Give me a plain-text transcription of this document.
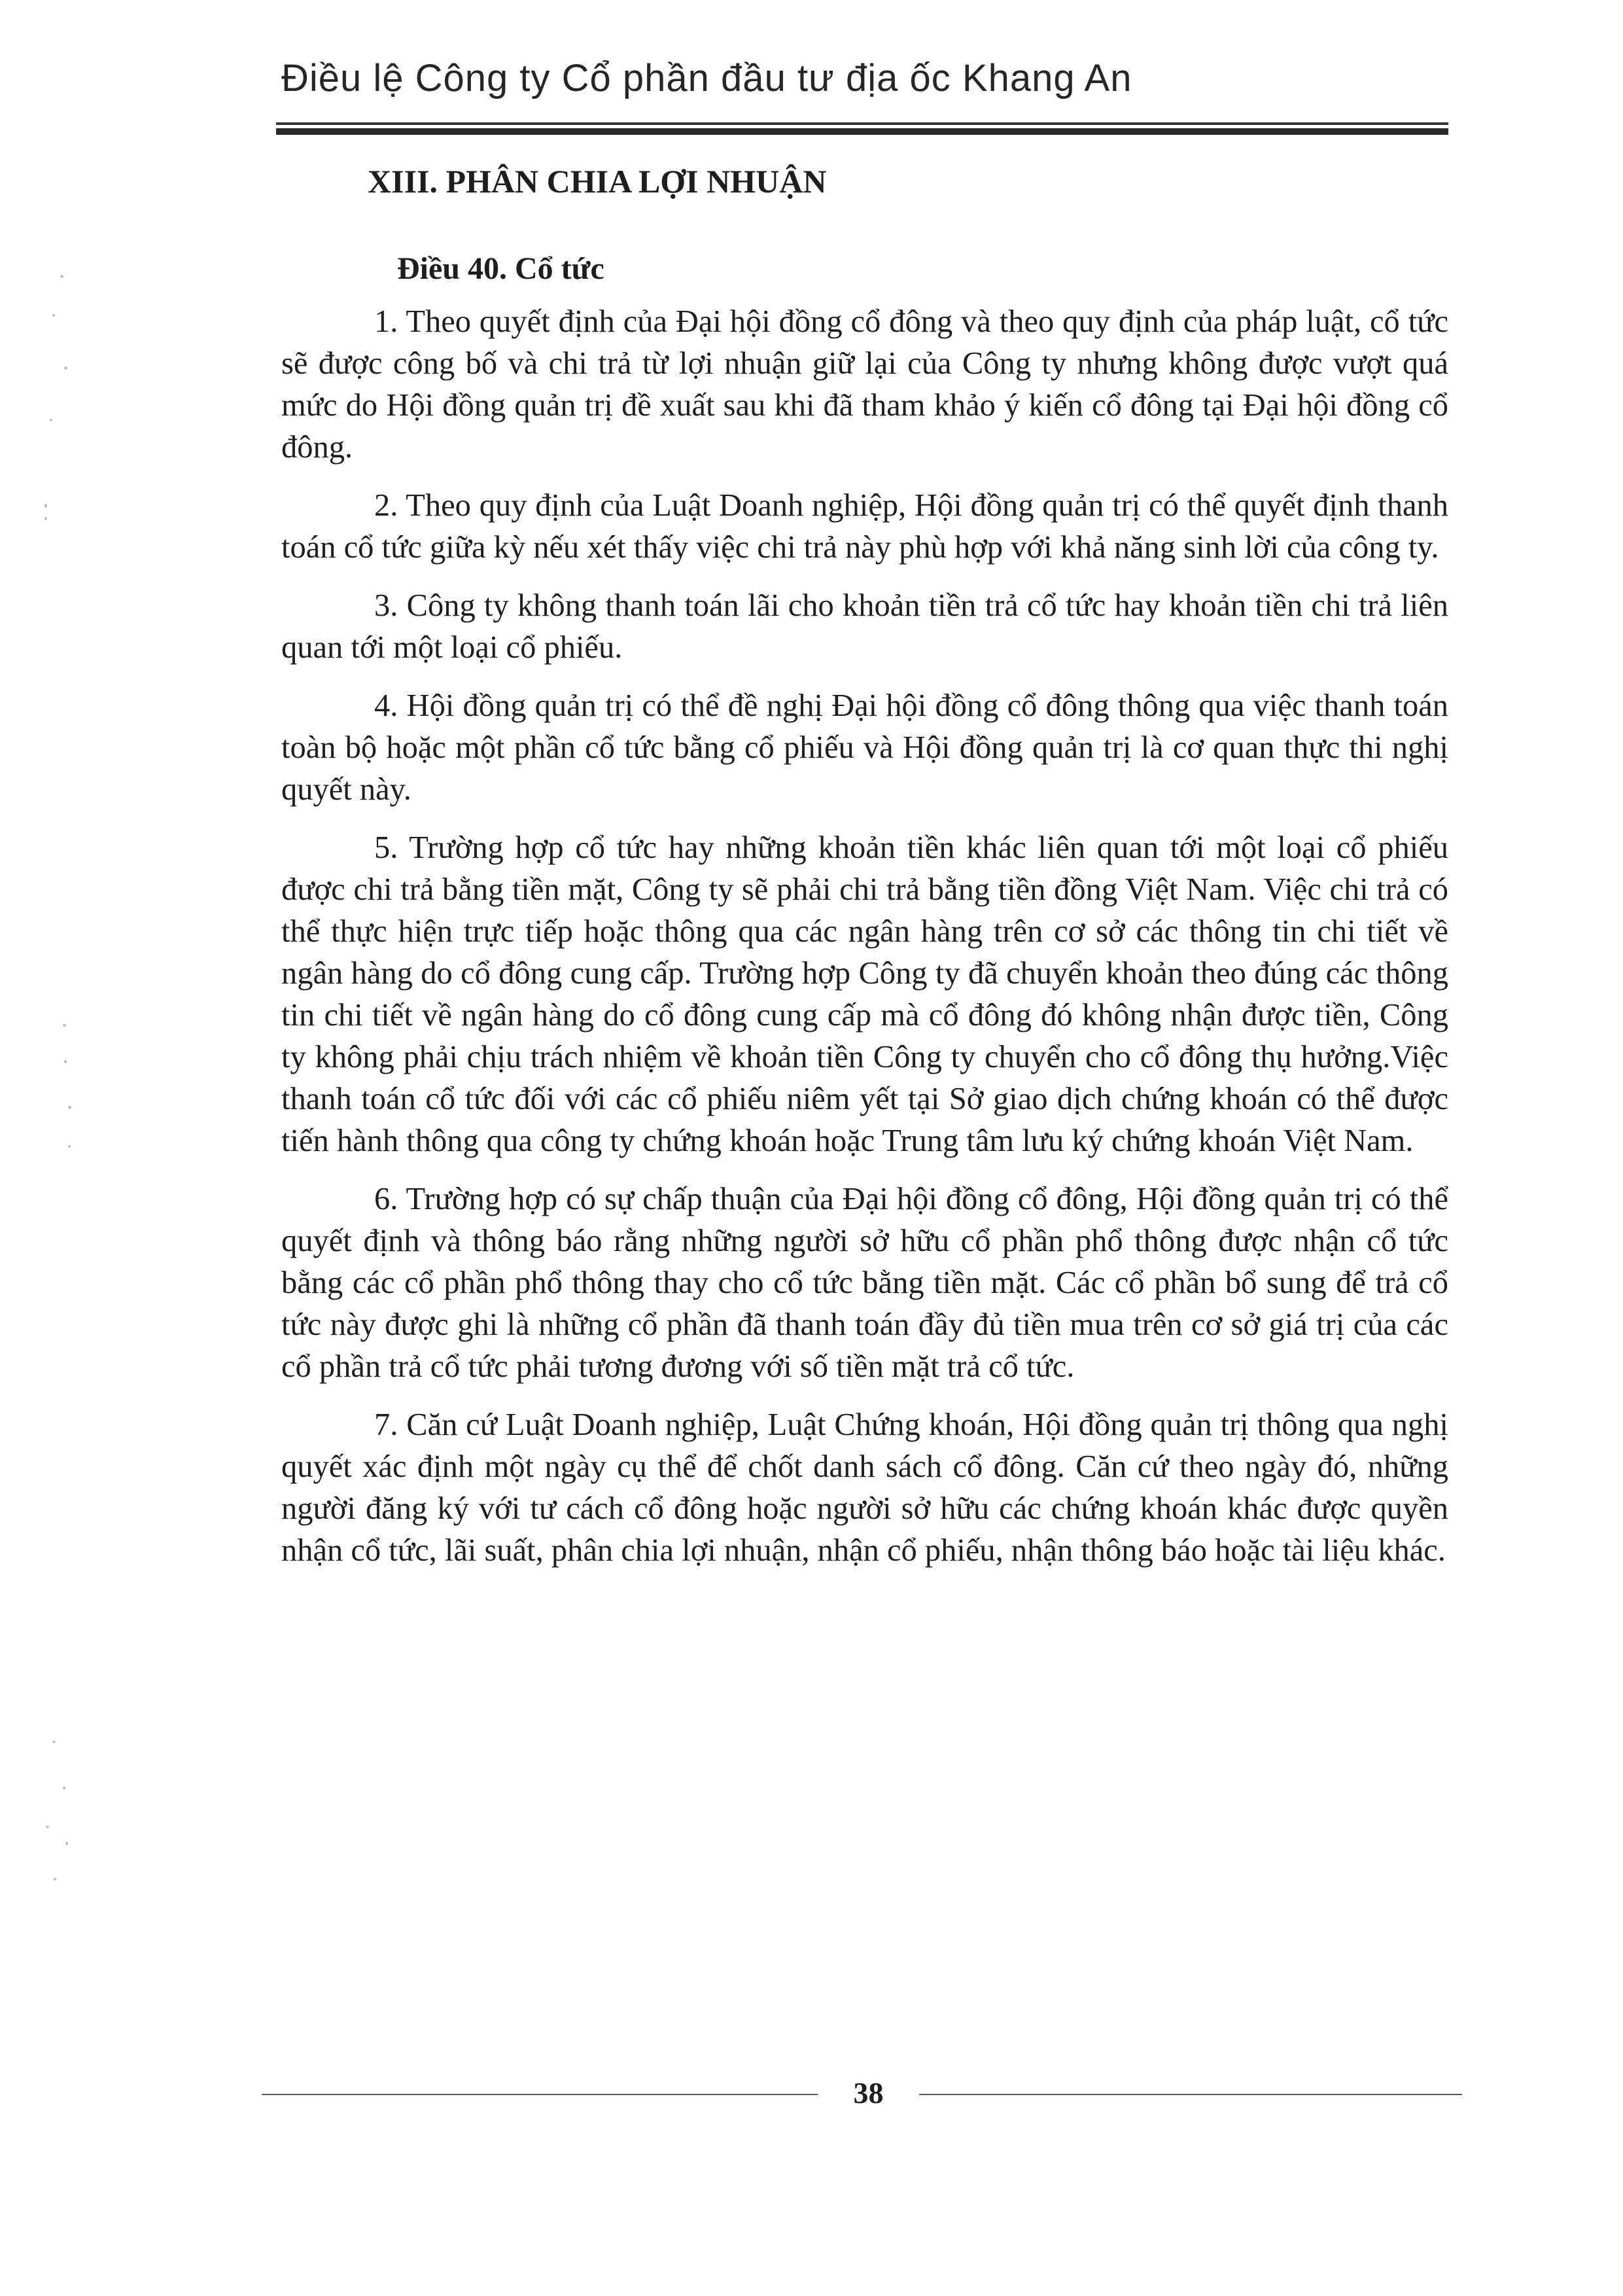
Điều lệ Công ty Cổ phần đầu tư địa ốc Khang An
XIII. PHÂN CHIA LỢI NHUẬN
Điều 40. Cổ tức

1. Theo quyết định của Đại hội đồng cổ đông và theo quy định của pháp luật, cổ tức sẽ được công bố và chi trả từ lợi nhuận giữ lại của Công ty nhưng không được vượt quá mức do Hội đồng quản trị đề xuất sau khi đã tham khảo ý kiến cổ đông tại Đại hội đồng cổ đông.

2. Theo quy định của Luật Doanh nghiệp, Hội đồng quản trị có thể quyết định thanh toán cổ tức giữa kỳ nếu xét thấy việc chi trả này phù hợp với khả năng sinh lời của công ty.

3. Công ty không thanh toán lãi cho khoản tiền trả cổ tức hay khoản tiền chi trả liên quan tới một loại cổ phiếu.

4. Hội đồng quản trị có thể đề nghị Đại hội đồng cổ đông thông qua việc thanh toán toàn bộ hoặc một phần cổ tức bằng cổ phiếu và Hội đồng quản trị là cơ quan thực thi nghị quyết này.

5. Trường hợp cổ tức hay những khoản tiền khác liên quan tới một loại cổ phiếu được chi trả bằng tiền mặt, Công ty sẽ phải chi trả bằng tiền đồng Việt Nam. Việc chi trả có thể thực hiện trực tiếp hoặc thông qua các ngân hàng trên cơ sở các thông tin chi tiết về ngân hàng do cổ đông cung cấp. Trường hợp Công ty đã chuyển khoản theo đúng các thông tin chi tiết về ngân hàng do cổ đông cung cấp mà cổ đông đó không nhận được tiền, Công ty không phải chịu trách nhiệm về khoản tiền Công ty chuyển cho cổ đông thụ hưởng.Việc thanh toán cổ tức đối với các cổ phiếu niêm yết tại Sở giao dịch chứng khoán có thể được tiến hành thông qua công ty chứng khoán hoặc Trung tâm lưu ký chứng khoán Việt Nam.

6. Trường hợp có sự chấp thuận của Đại hội đồng cổ đông, Hội đồng quản trị có thể quyết định và thông báo rằng những người sở hữu cổ phần phổ thông được nhận cổ tức bằng các cổ phần phổ thông thay cho cổ tức bằng tiền mặt. Các cổ phần bổ sung để trả cổ tức này được ghi là những cổ phần đã thanh toán đầy đủ tiền mua trên cơ sở giá trị của các cổ phần trả cổ tức phải tương đương với số tiền mặt trả cổ tức.

7. Căn cứ Luật Doanh nghiệp, Luật Chứng khoán, Hội đồng quản trị thông qua nghị quyết xác định một ngày cụ thể để chốt danh sách cổ đông. Căn cứ theo ngày đó, những người đăng ký với tư cách cổ đông hoặc người sở hữu các chứng khoán khác được quyền nhận cổ tức, lãi suất, phân chia lợi nhuận, nhận cổ phiếu, nhận thông báo hoặc tài liệu khác.

38
